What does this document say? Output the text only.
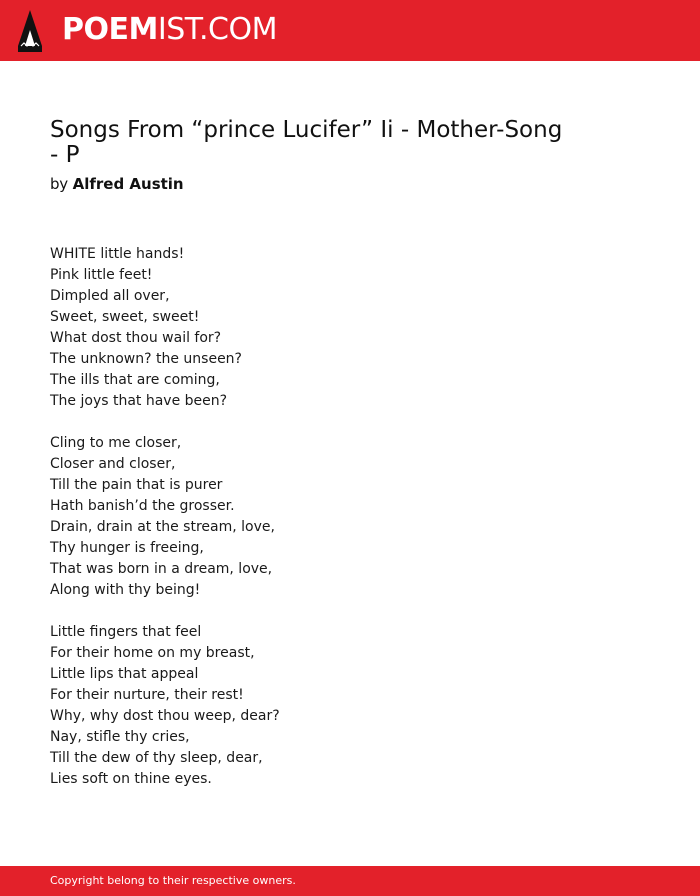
POEMIST.COM
Songs From “prince Lucifer” Ii - Mother-Song - P
by Alfred Austin
WHITE little hands!
Pink little feet!
Dimpled all over,
Sweet, sweet, sweet!
What dost thou wail for?
The unknown? the unseen?
The ills that are coming,
The joys that have been?
Cling to me closer,
Closer and closer,
Till the pain that is purer
Hath banish’d the grosser.
Drain, drain at the stream, love,
Thy hunger is freeing,
That was born in a dream, love,
Along with thy being!
Little fingers that feel
For their home on my breast,
Little lips that appeal
For their nurture, their rest!
Why, why dost thou weep, dear?
Nay, stifle thy cries,
Till the dew of thy sleep, dear,
Lies soft on thine eyes.
Copyright belong to their respective owners.
